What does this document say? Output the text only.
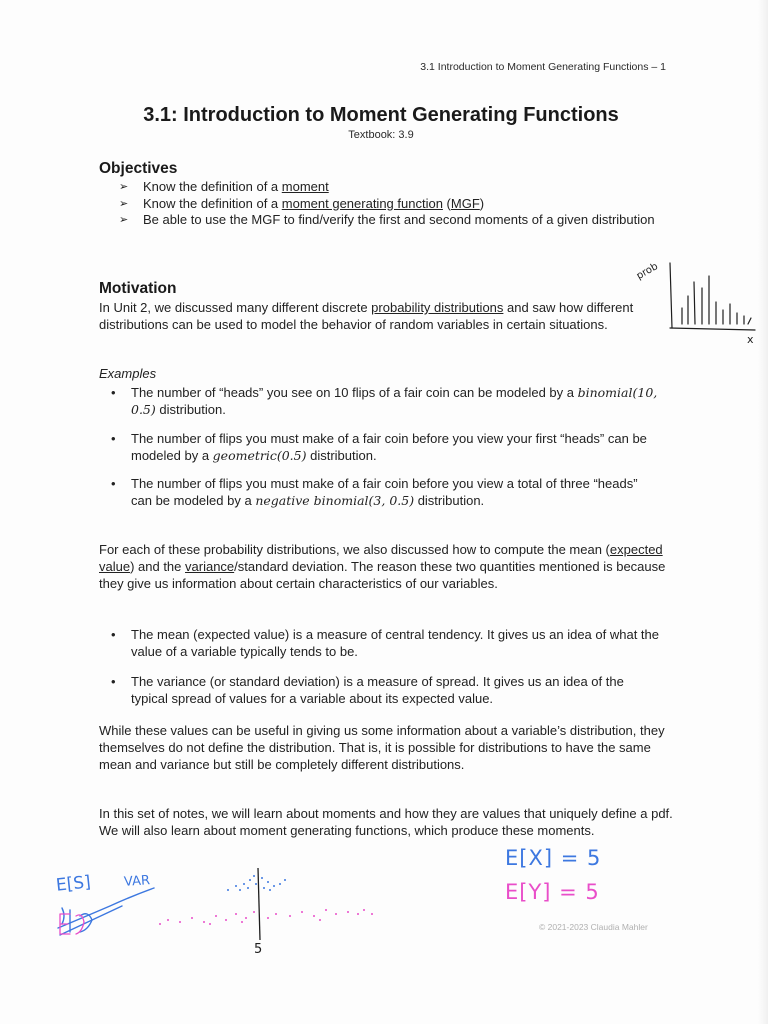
3.1 Introduction to Moment Generating Functions – 1
3.1: Introduction to Moment Generating Functions
Textbook: 3.9
Objectives
➢ Know the definition of a moment
➢ Know the definition of a moment generating function (MGF)
➢ Be able to use the MGF to find/verify the first and second moments of a given distribution
Motivation
In Unit 2, we discussed many different discrete probability distributions and saw how different distributions can be used to model the behavior of random variables in certain situations.
Examples
• The number of “heads” you see on 10 flips of a fair coin can be modeled by a binomial(10, 0.5) distribution.
• The number of flips you must make of a fair coin before you view your first “heads” can be modeled by a geometric(0.5) distribution.
• The number of flips you must make of a fair coin before you view a total of three “heads” can be modeled by a negative binomial(3, 0.5) distribution.
For each of these probability distributions, we also discussed how to compute the mean (expected value) and the variance/standard deviation. The reason these two quantities mentioned is because they give us information about certain characteristics of our variables.
• The mean (expected value) is a measure of central tendency. It gives us an idea of what the value of a variable typically tends to be.
• The variance (or standard deviation) is a measure of spread. It gives us an idea of the typical spread of values for a variable about its expected value.
While these values can be useful in giving us some information about a variable’s distribution, they themselves do not define the distribution. That is, it is possible for distributions to have the same mean and variance but still be completely different distributions.
In this set of notes, we will learn about moments and how they are values that uniquely define a pdf. We will also learn about moment generating functions, which produce these moments.
© 2021-2023 Claudia Mahler
prob
x
E[X] = 5
E[Y] = 5
E[S] VAR
5
